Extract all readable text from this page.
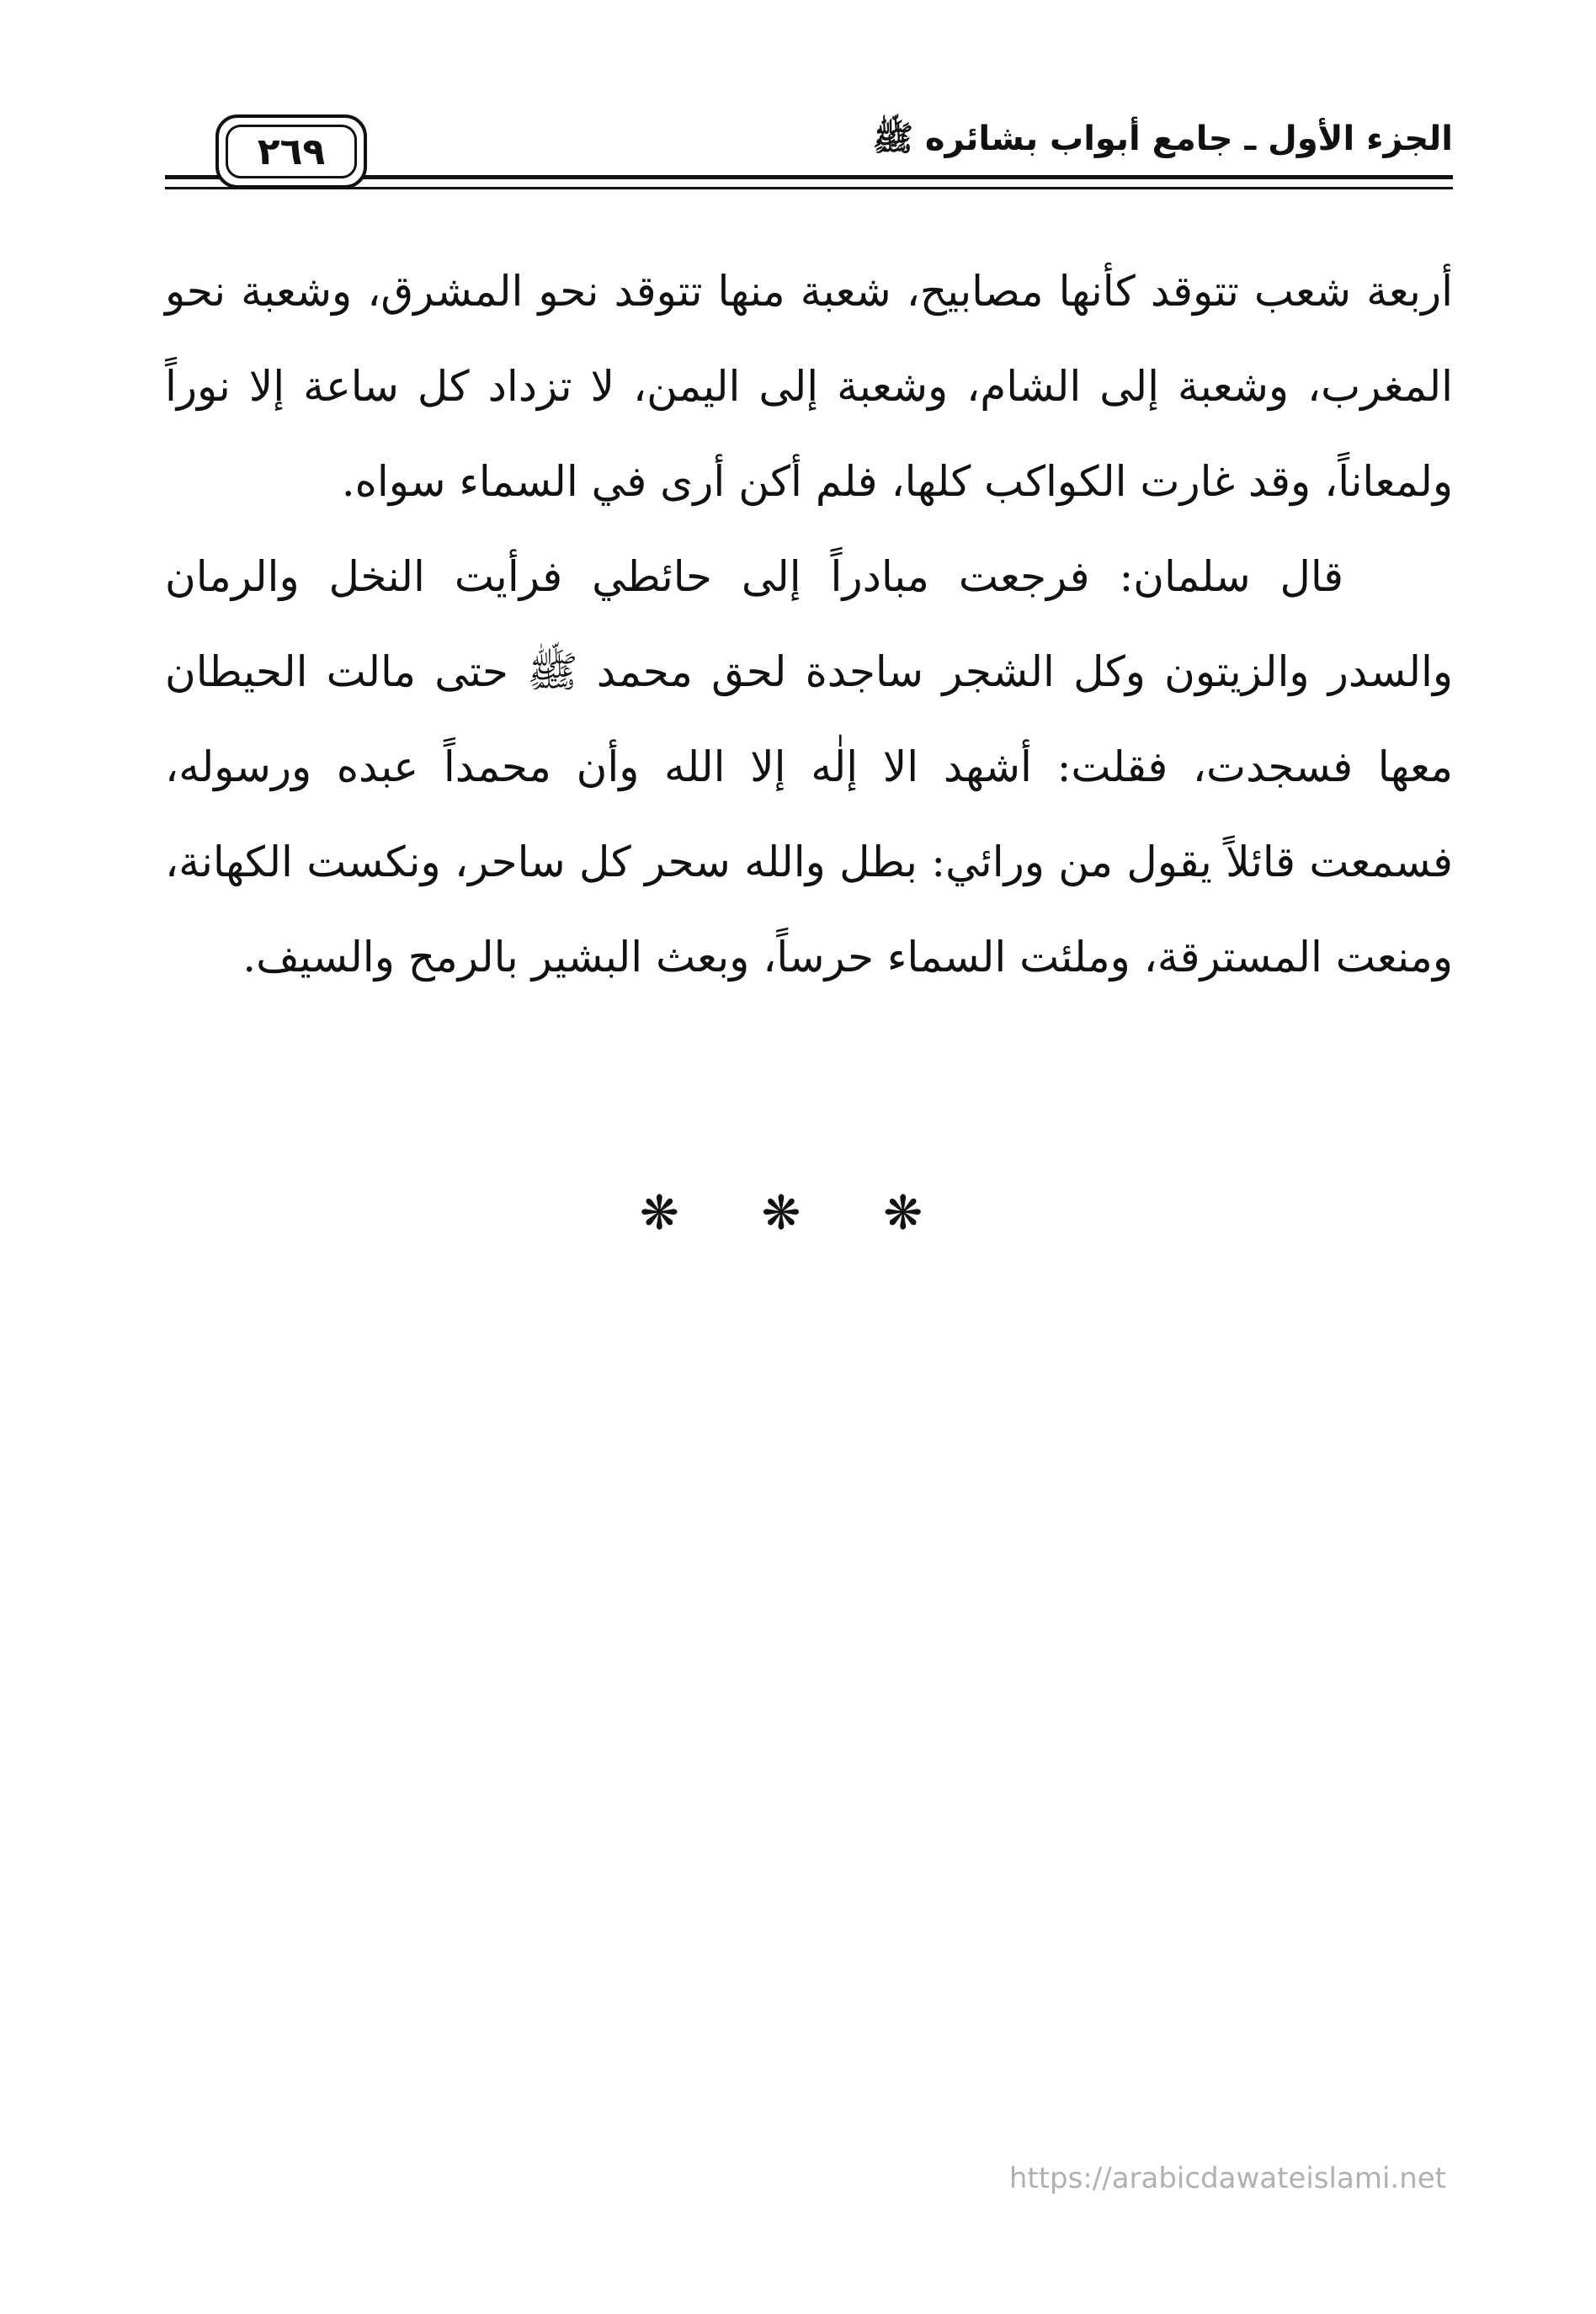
الجزء الأول ـ جامع أبواب بشائره ﷺ
٢٦٩

أربعة شعب تتوقد كأنها مصابيح، شعبة منها تتوقد نحو المشرق، وشعبة نحو المغرب، وشعبة إلى الشام، وشعبة إلى اليمن، لا تزداد كل ساعة إلا نوراً ولمعاناً، وقد غارت الكواكب كلها، فلم أكن أرى في السماء سواه.

قال سلمان: فرجعت مبادراً إلى حائطي فرأيت النخل والرمان والسدر والزيتون وكل الشجر ساجدة لحق محمد ﷺ حتى مالت الحيطان معها فسجدت، فقلت: أشهد الا إلٰه إلا الله وأن محمداً عبده ورسوله، فسمعت قائلاً يقول من ورائي: بطل والله سحر كل ساحر، ونكست الكهانة، ومنعت المسترقة، وملئت السماء حرساً، وبعث البشير بالرمح والسيف.

❋ ❋ ❋
https://arabicdawateislami.net
